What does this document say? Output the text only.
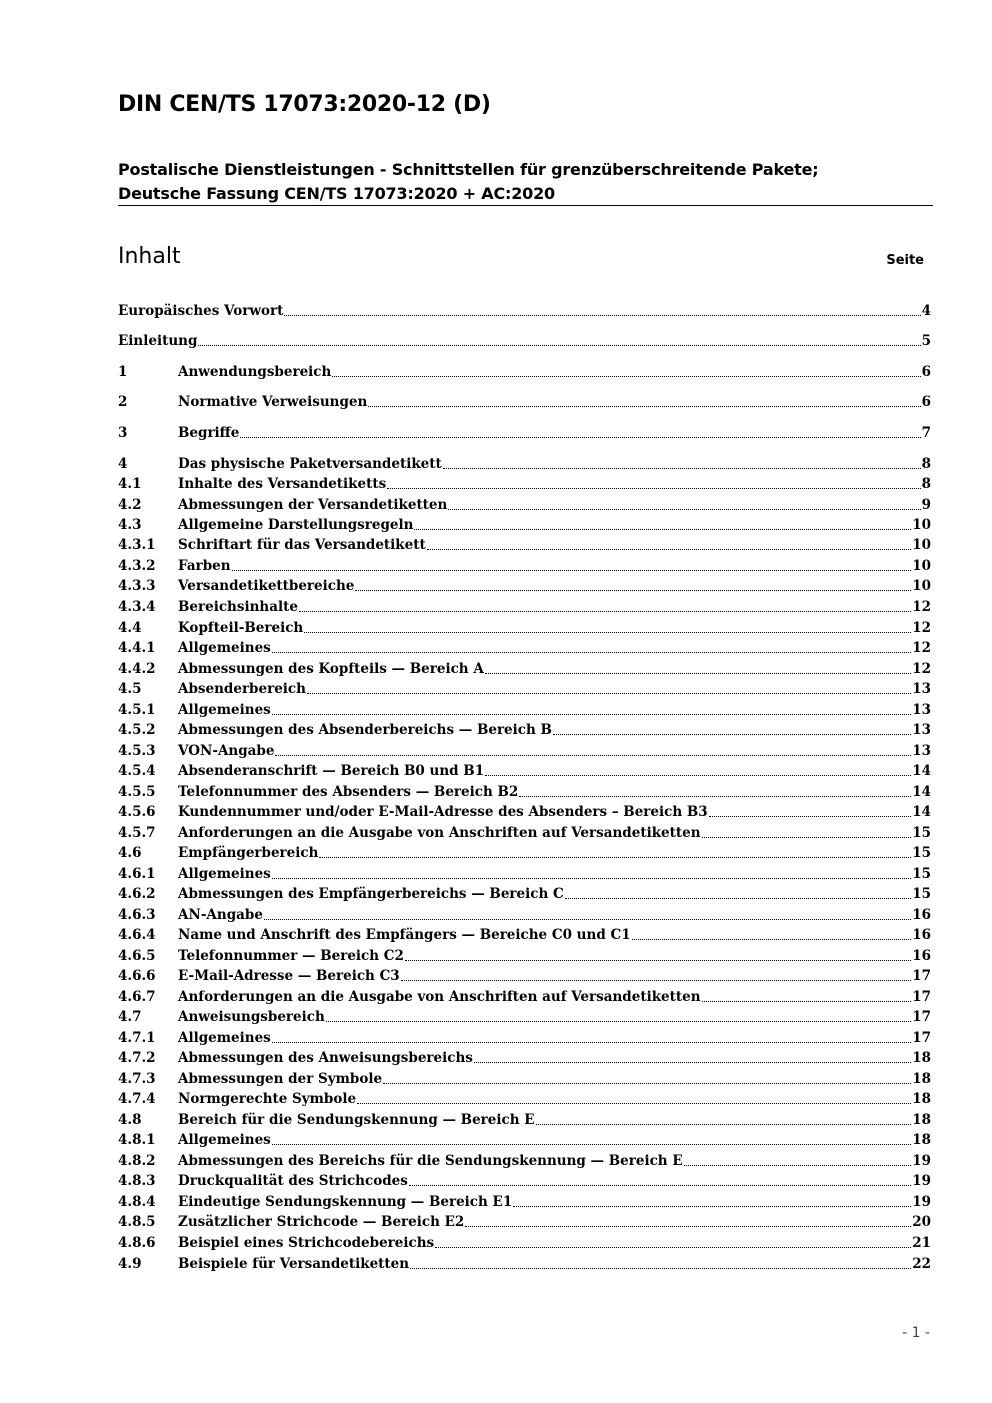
DIN CEN/TS 17073:2020-12 (D)
Postalische Dienstleistungen - Schnittstellen für grenzüberschreitende Pakete;
Deutsche Fassung CEN/TS 17073:2020 + AC:2020
Inhalt	Seite
Europäisches Vorwort	4
Einleitung	5
1	Anwendungsbereich	6
2	Normative Verweisungen	6
3	Begriffe	7
4	Das physische Paketversandetikett	8
4.1	Inhalte des Versandetiketts	8
4.2	Abmessungen der Versandetiketten	9
4.3	Allgemeine Darstellungsregeln	10
4.3.1	Schriftart für das Versandetikett	10
4.3.2	Farben	10
4.3.3	Versandetikettbereiche	10
4.3.4	Bereichsinhalte	12
4.4	Kopfteil-Bereich	12
4.4.1	Allgemeines	12
4.4.2	Abmessungen des Kopfteils — Bereich A	12
4.5	Absenderbereich	13
4.5.1	Allgemeines	13
4.5.2	Abmessungen des Absenderbereichs — Bereich B	13
4.5.3	VON-Angabe	13
4.5.4	Absenderanschrift — Bereich B0 und B1	14
4.5.5	Telefonnummer des Absenders — Bereich B2	14
4.5.6	Kundennummer und/oder E-Mail-Adresse des Absenders – Bereich B3	14
4.5.7	Anforderungen an die Ausgabe von Anschriften auf Versandetiketten	15
4.6	Empfängerbereich	15
4.6.1	Allgemeines	15
4.6.2	Abmessungen des Empfängerbereichs — Bereich C	15
4.6.3	AN-Angabe	16
4.6.4	Name und Anschrift des Empfängers — Bereiche C0 und C1	16
4.6.5	Telefonnummer — Bereich C2	16
4.6.6	E-Mail-Adresse — Bereich C3	17
4.6.7	Anforderungen an die Ausgabe von Anschriften auf Versandetiketten	17
4.7	Anweisungsbereich	17
4.7.1	Allgemeines	17
4.7.2	Abmessungen des Anweisungsbereichs	18
4.7.3	Abmessungen der Symbole	18
4.7.4	Normgerechte Symbole	18
4.8	Bereich für die Sendungskennung — Bereich E	18
4.8.1	Allgemeines	18
4.8.2	Abmessungen des Bereichs für die Sendungskennung — Bereich E	19
4.8.3	Druckqualität des Strichcodes	19
4.8.4	Eindeutige Sendungskennung — Bereich E1	19
4.8.5	Zusätzlicher Strichcode — Bereich E2	20
4.8.6	Beispiel eines Strichcodebereichs	21
4.9	Beispiele für Versandetiketten	22
- 1 -
